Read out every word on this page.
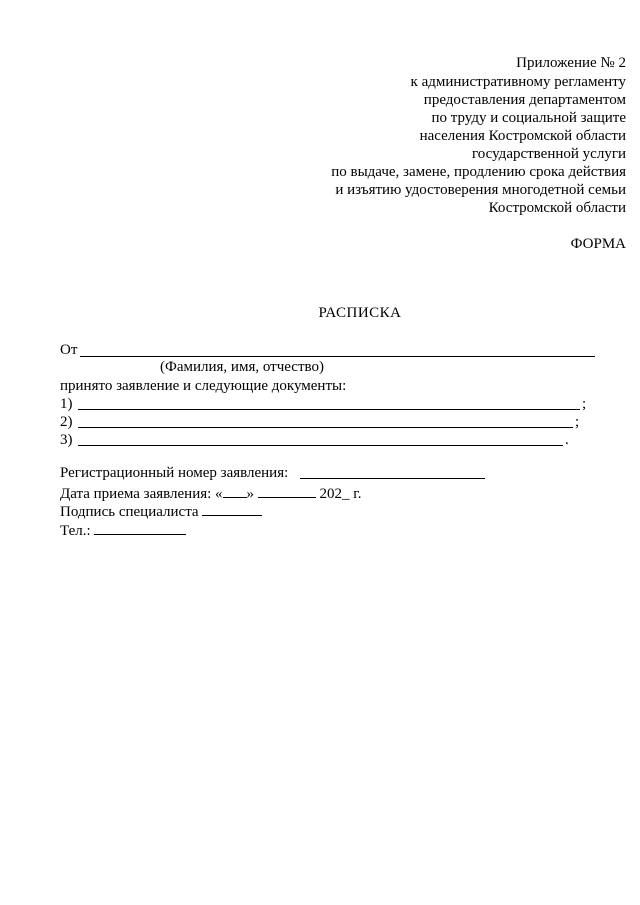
Приложение № 2
к административному регламенту
предоставления департаментом
по труду и социальной защите
населения Костромской области
государственной услуги
по выдаче, замене, продлению срока действия
и изъятию удостоверения многодетной семьи
Костромской области
ФОРМА
РАСПИСКА
От
(Фамилия, имя, отчество)
принято заявление и следующие документы:
1)	;
2)	;
3)	.
Регистрационный номер заявления:
Дата приема заявления: « »	202_ г.
Подпись специалиста
Тел.:
